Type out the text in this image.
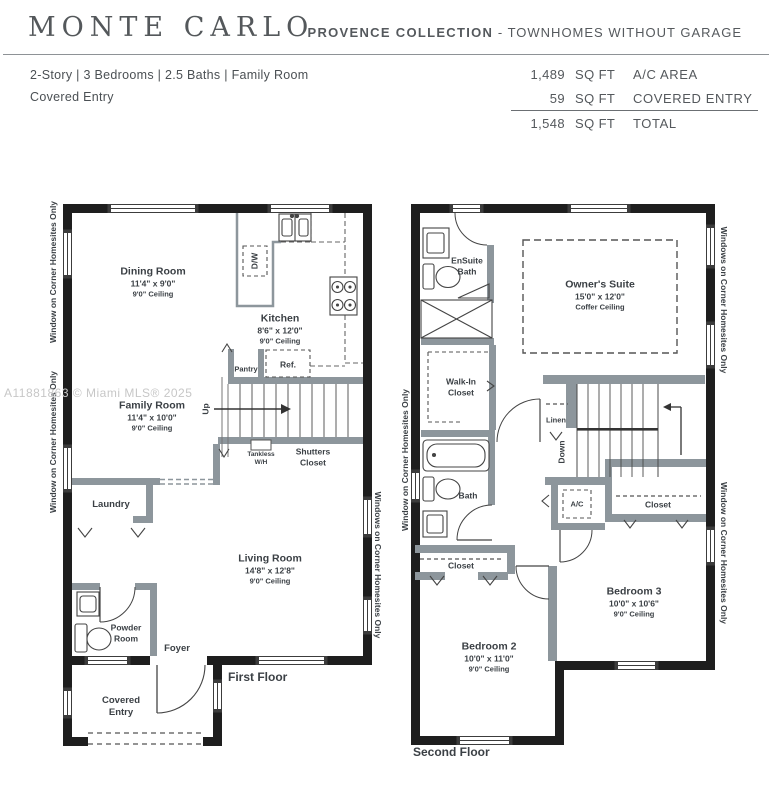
MONTE CARLO
PROVENCE COLLECTION - TOWNHOMES WITHOUT GARAGE
2-Story | 3 Bedrooms | 2.5 Baths | Family Room
Covered Entry
1,489 SQ FT	A/C AREA
59 SQ FT	COVERED ENTRY
1,548 SQ FT	TOTAL
A11881863 © Miami MLS® 2025
Dining Room
11'4" x 9'0"
9'0" Ceiling
Kitchen
8'6" x 12'0"
9'0" Ceiling
Family Room
11'4" x 10'0"
9'0" Ceiling
Living Room
14'8" x 12'8"
9'0" Ceiling
Laundry
Powder
Room
Foyer
Covered
Entry
Pantry	Ref.
D/W
Up
Tankless
W/H
Shutters
Closet
First Floor
Window on Corner Homesites Only
Window on Corner Homesites Only
Windows on Corner Homesites Only
Owner's Suite
15'0" x 12'0"
Coffer Ceiling
Bedroom 2
10'0" x 11'0"
9'0" Ceiling
Bedroom 3
10'0" x 10'6"
9'0" Ceiling
EnSuite
Bath
Walk-In
Closet
Bath
Linen
Down
A/C	Closet
Closet
Second Floor
Window on Corner Homesites Only
Windows on Corner Homesites Only
Window on Corner Homesites Only
